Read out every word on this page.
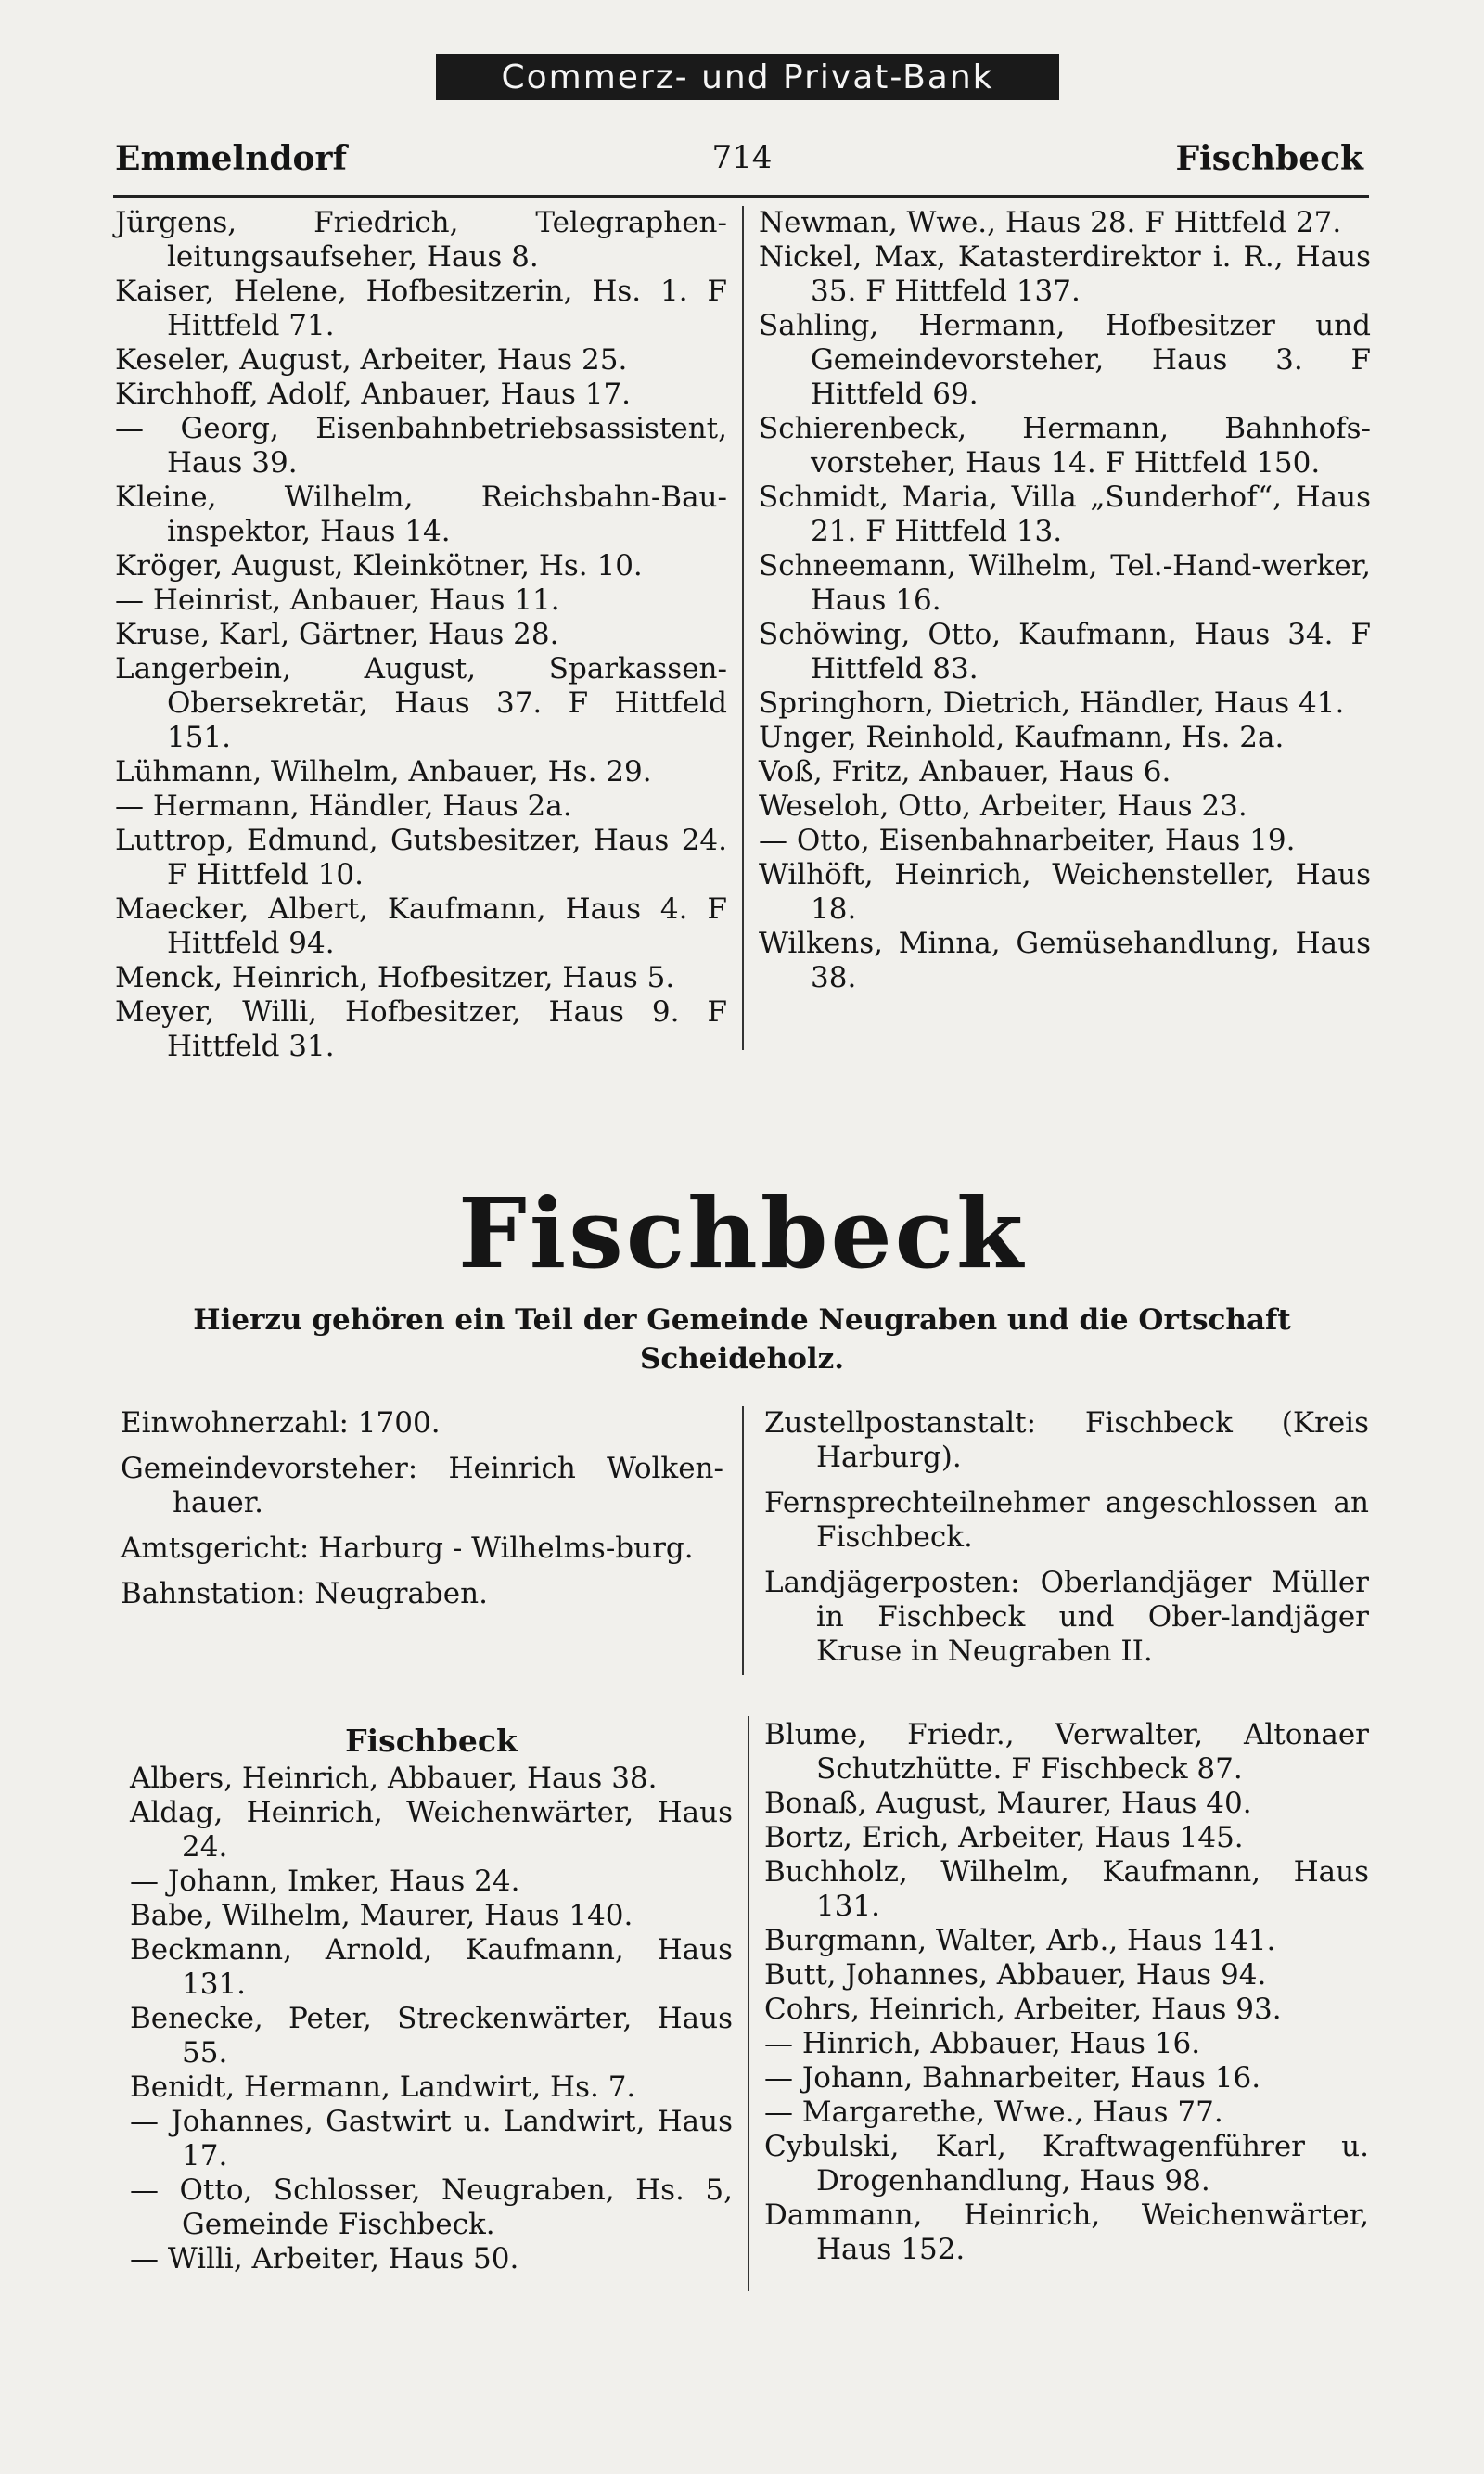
Commerz- und Privat-Bank
Emmelndorf	714	Fischbeck
Jürgens, Friedrich, Telegraphen-leitungsaufseher, Haus 8.
Kaiser, Helene, Hofbesitzerin, Hs. 1. F Hittfeld 71.
Keseler, August, Arbeiter, Haus 25.
Kirchhoff, Adolf, Anbauer, Haus 17.
— Georg, Eisenbahnbetriebsassistent, Haus 39.
Kleine, Wilhelm, Reichsbahn-Bau-inspektor, Haus 14.
Kröger, August, Kleinkötner, Hs. 10.
— Heinrist, Anbauer, Haus 11.
Kruse, Karl, Gärtner, Haus 28.
Langerbein, August, Sparkassen-Obersekretär, Haus 37. F Hittfeld 151.
Lühmann, Wilhelm, Anbauer, Hs. 29.
— Hermann, Händler, Haus 2a.
Luttrop, Edmund, Gutsbesitzer, Haus 24. F Hittfeld 10.
Maecker, Albert, Kaufmann, Haus 4. F Hittfeld 94.
Menck, Heinrich, Hofbesitzer, Haus 5.
Meyer, Willi, Hofbesitzer, Haus 9. F Hittfeld 31.
Newman, Wwe., Haus 28. F Hittfeld 27.
Nickel, Max, Katasterdirektor i. R., Haus 35. F Hittfeld 137.
Sahling, Hermann, Hofbesitzer und Gemeindevorsteher, Haus 3. F Hittfeld 69.
Schierenbeck, Hermann, Bahnhofs-vorsteher, Haus 14. F Hittfeld 150.
Schmidt, Maria, Villa „Sunderhof“, Haus 21. F Hittfeld 13.
Schneemann, Wilhelm, Tel.-Hand-werker, Haus 16.
Schöwing, Otto, Kaufmann, Haus 34. F Hittfeld 83.
Springhorn, Dietrich, Händler, Haus 41.
Unger, Reinhold, Kaufmann, Hs. 2a.
Voß, Fritz, Anbauer, Haus 6.
Weseloh, Otto, Arbeiter, Haus 23.
— Otto, Eisenbahnarbeiter, Haus 19.
Wilhöft, Heinrich, Weichensteller, Haus 18.
Wilkens, Minna, Gemüsehandlung, Haus 38.
Fischbeck
Hierzu gehören ein Teil der Gemeinde Neugraben und die Ortschaft Scheideholz.
Einwohnerzahl: 1700.
Gemeindevorsteher: Heinrich Wolken-hauer.
Amtsgericht: Harburg - Wilhelms-burg.
Bahnstation: Neugraben.
Zustellpostanstalt: Fischbeck (Kreis Harburg).
Fernsprechteilnehmer angeschlossen an Fischbeck.
Landjägerposten: Oberlandjäger Müller in Fischbeck und Ober-landjäger Kruse in Neugraben II.
Fischbeck
Albers, Heinrich, Abbauer, Haus 38.
Aldag, Heinrich, Weichenwärter, Haus 24.
— Johann, Imker, Haus 24.
Babe, Wilhelm, Maurer, Haus 140.
Beckmann, Arnold, Kaufmann, Haus 131.
Benecke, Peter, Streckenwärter, Haus 55.
Benidt, Hermann, Landwirt, Hs. 7.
— Johannes, Gastwirt u. Landwirt, Haus 17.
— Otto, Schlosser, Neugraben, Hs. 5, Gemeinde Fischbeck.
— Willi, Arbeiter, Haus 50.
Blume, Friedr., Verwalter, Altonaer Schutzhütte. F Fischbeck 87.
Bonaß, August, Maurer, Haus 40.
Bortz, Erich, Arbeiter, Haus 145.
Buchholz, Wilhelm, Kaufmann, Haus 131.
Burgmann, Walter, Arb., Haus 141.
Butt, Johannes, Abbauer, Haus 94.
Cohrs, Heinrich, Arbeiter, Haus 93.
— Hinrich, Abbauer, Haus 16.
— Johann, Bahnarbeiter, Haus 16.
— Margarethe, Wwe., Haus 77.
Cybulski, Karl, Kraftwagenführer u. Drogenhandlung, Haus 98.
Dammann, Heinrich, Weichenwärter, Haus 152.
